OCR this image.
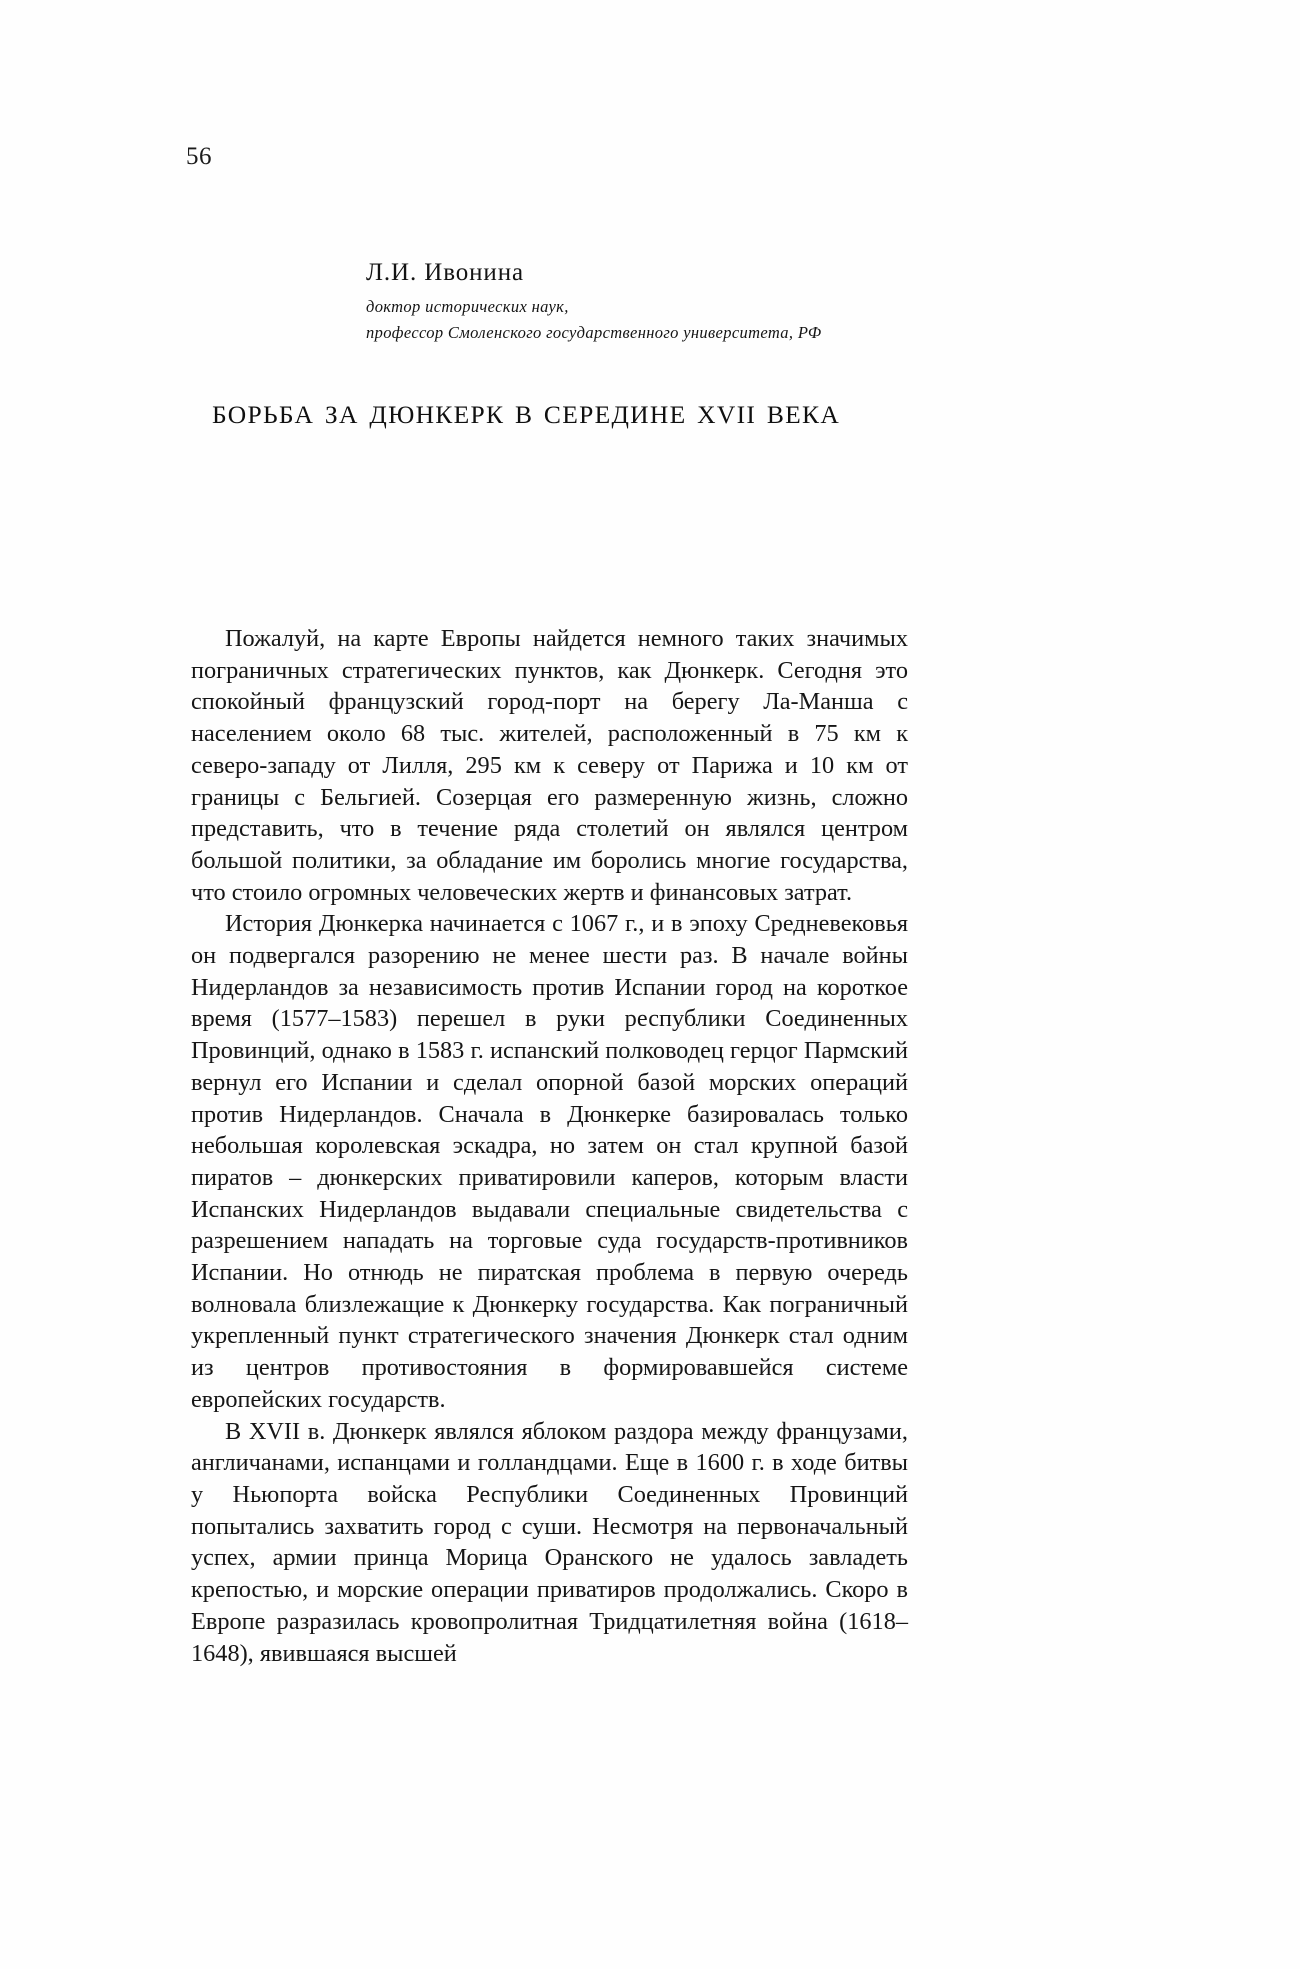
56
Л.И. Ивонина
доктор исторических наук,
профессор Смоленского государственного университета, РФ
БОРЬБА ЗА ДЮНКЕРК В СЕРЕДИНЕ XVII ВЕКА

Пожалуй, на карте Европы найдется немного таких значимых пограничных стратегических пунктов, как Дюнкерк. Сегодня это спокойный французский город-порт на берегу Ла-Манша с населением около 68 тыс. жителей, расположенный в 75 км к северо-западу от Лилля, 295 км к северу от Парижа и 10 км от границы с Бельгией. Созерцая его размеренную жизнь, сложно представить, что в течение ряда столетий он являлся центром большой политики, за обладание им боролись многие государства, что стоило огромных человеческих жертв и финансовых затрат.

История Дюнкерка начинается с 1067 г., и в эпоху Средневековья он подвергался разорению не менее шести раз. В начале войны Нидерландов за независимость против Испании город на короткое время (1577–1583) перешел в руки республики Соединенных Провинций, однако в 1583 г. испанский полководец герцог Пармский вернул его Испании и сделал опорной базой морских операций против Нидерландов. Сначала в Дюнкерке базировалась только небольшая королевская эскадра, но затем он стал крупной базой пиратов – дюнкерских приватировили каперов, которым власти Испанских Нидерландов выдавали специальные свидетельства с разрешением нападать на торговые суда государств-противников Испании. Но отнюдь не пиратская проблема в первую очередь волновала близлежащие к Дюнкерку государства. Как пограничный укрепленный пункт стратегического значения Дюнкерк стал одним из центров противостояния в формировавшейся системе европейских государств.

В XVII в. Дюнкерк являлся яблоком раздора между французами, англичанами, испанцами и голландцами. Еще в 1600 г. в ходе битвы у Ньюпорта войска Республики Соединенных Провинций попытались захватить город с суши. Несмотря на первоначальный успех, армии принца Морица Оранского не удалось завладеть крепостью, и морские операции приватиров продолжались. Скоро в Европе разразилась кровопролитная Тридцатилетняя война (1618–1648), явившаяся высшей
